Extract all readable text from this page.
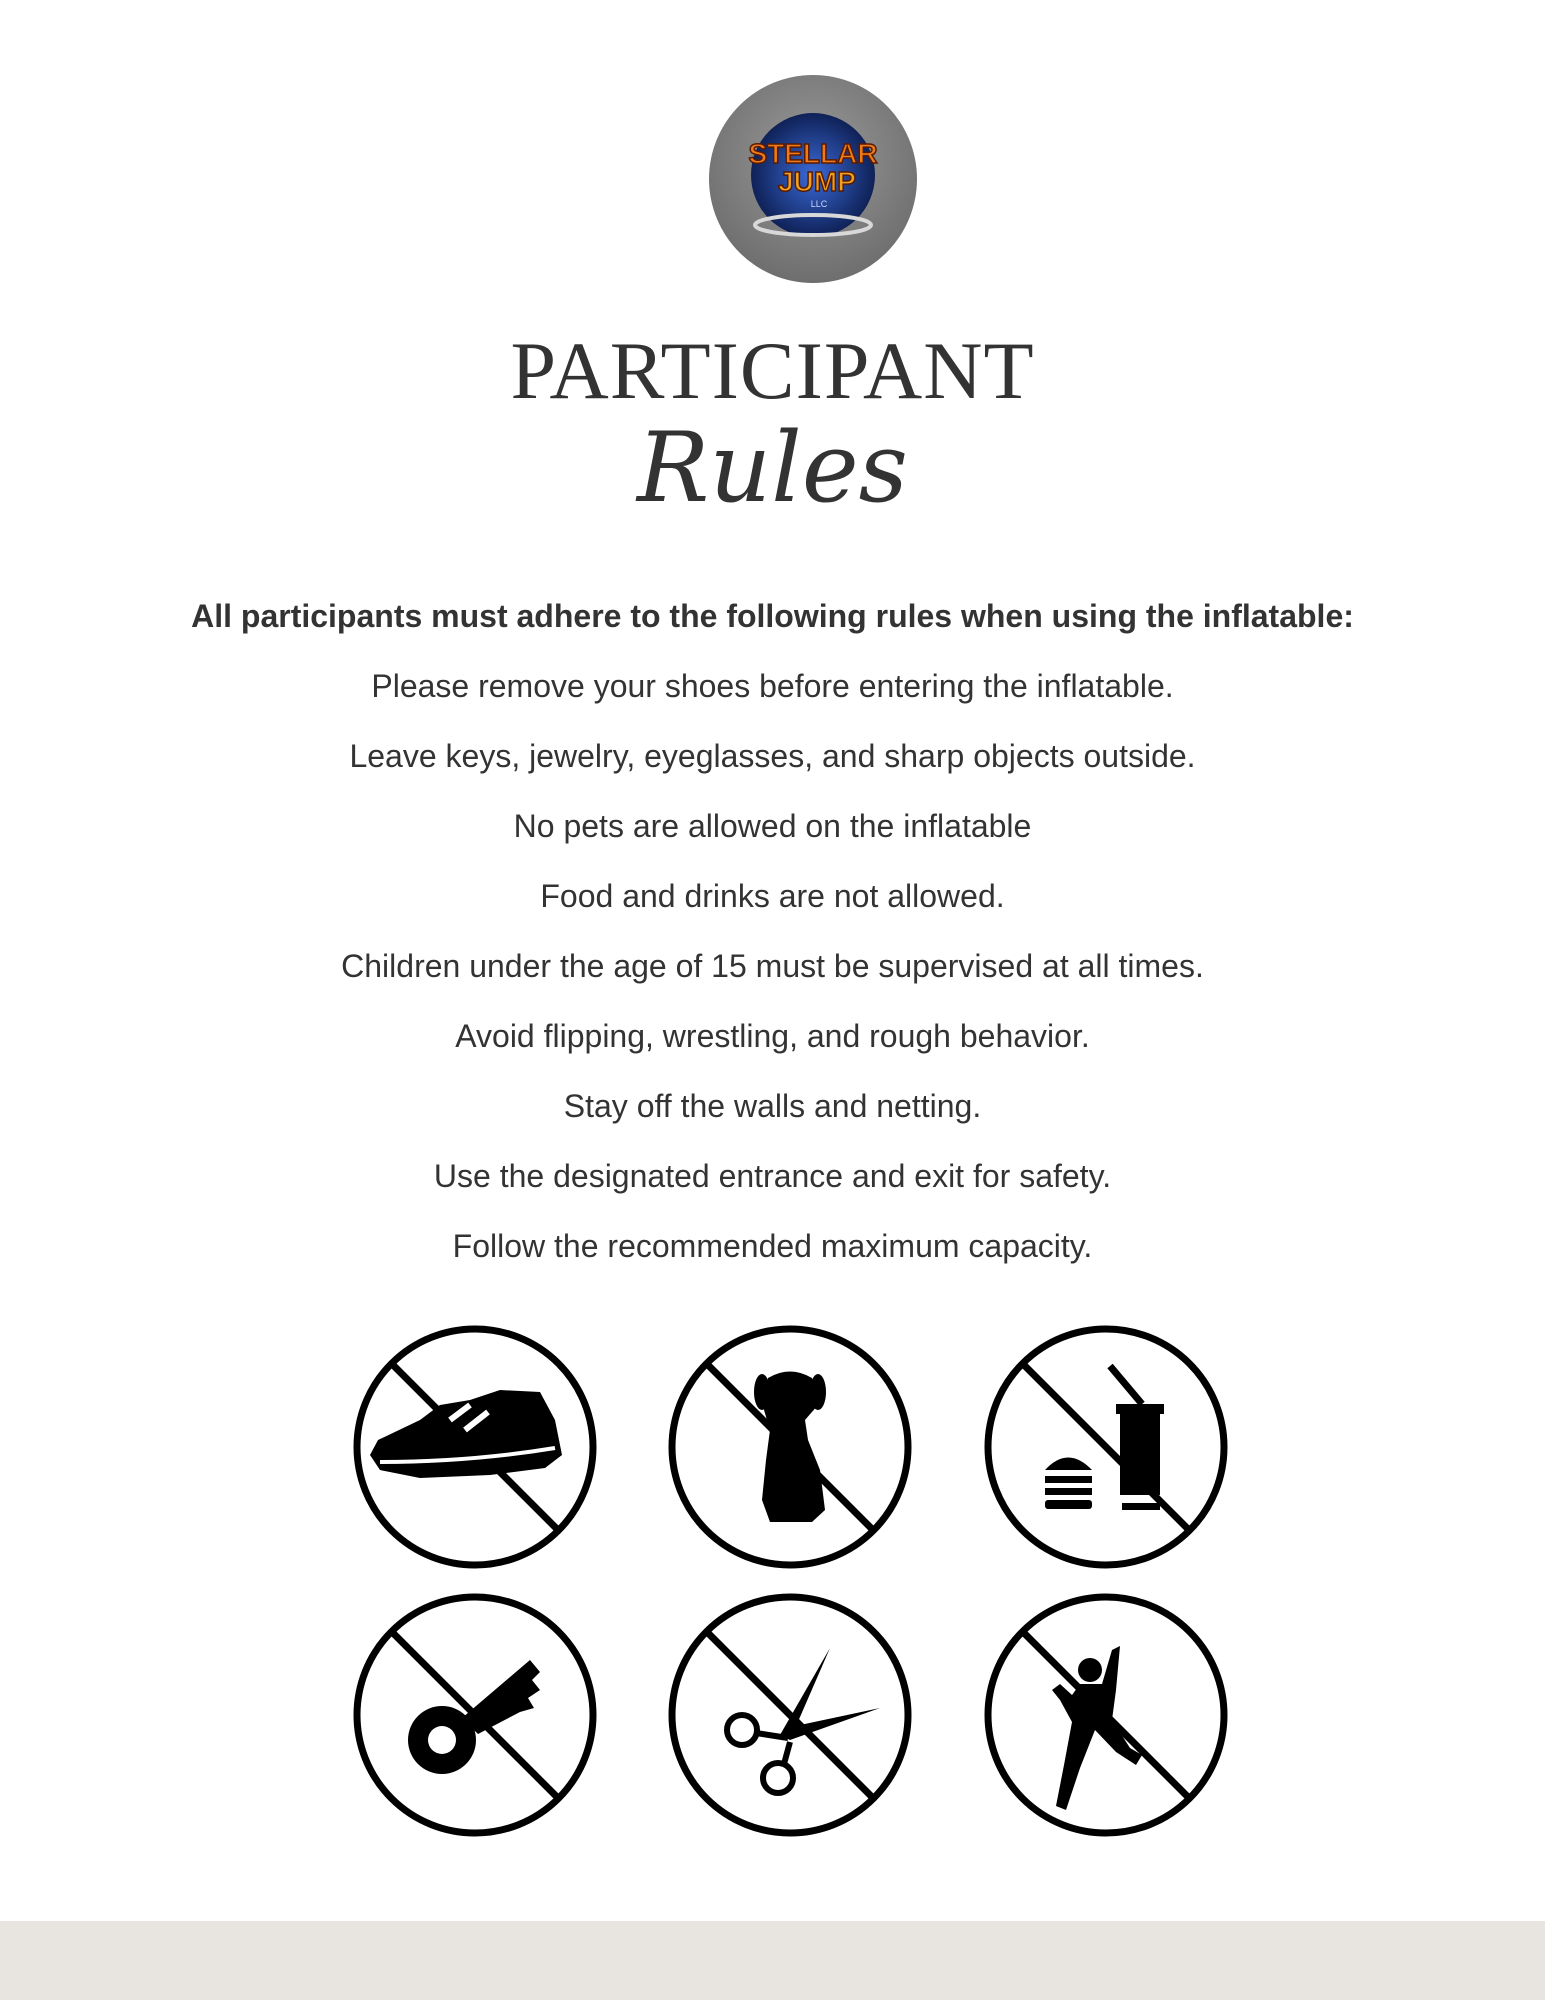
STELLAR
JUMP
LLC
PARTICIPANT
Rules
All participants must adhere to the following rules when using the inflatable:
Please remove your shoes before entering the inflatable.
Leave keys, jewelry, eyeglasses, and sharp objects outside.
No pets are allowed on the inflatable
Food and drinks are not allowed.
Children under the age of 15 must be supervised at all times.
Avoid flipping, wrestling, and rough behavior.
Stay off the walls and netting.
Use the designated entrance and exit for safety.
Follow the recommended maximum capacity.
